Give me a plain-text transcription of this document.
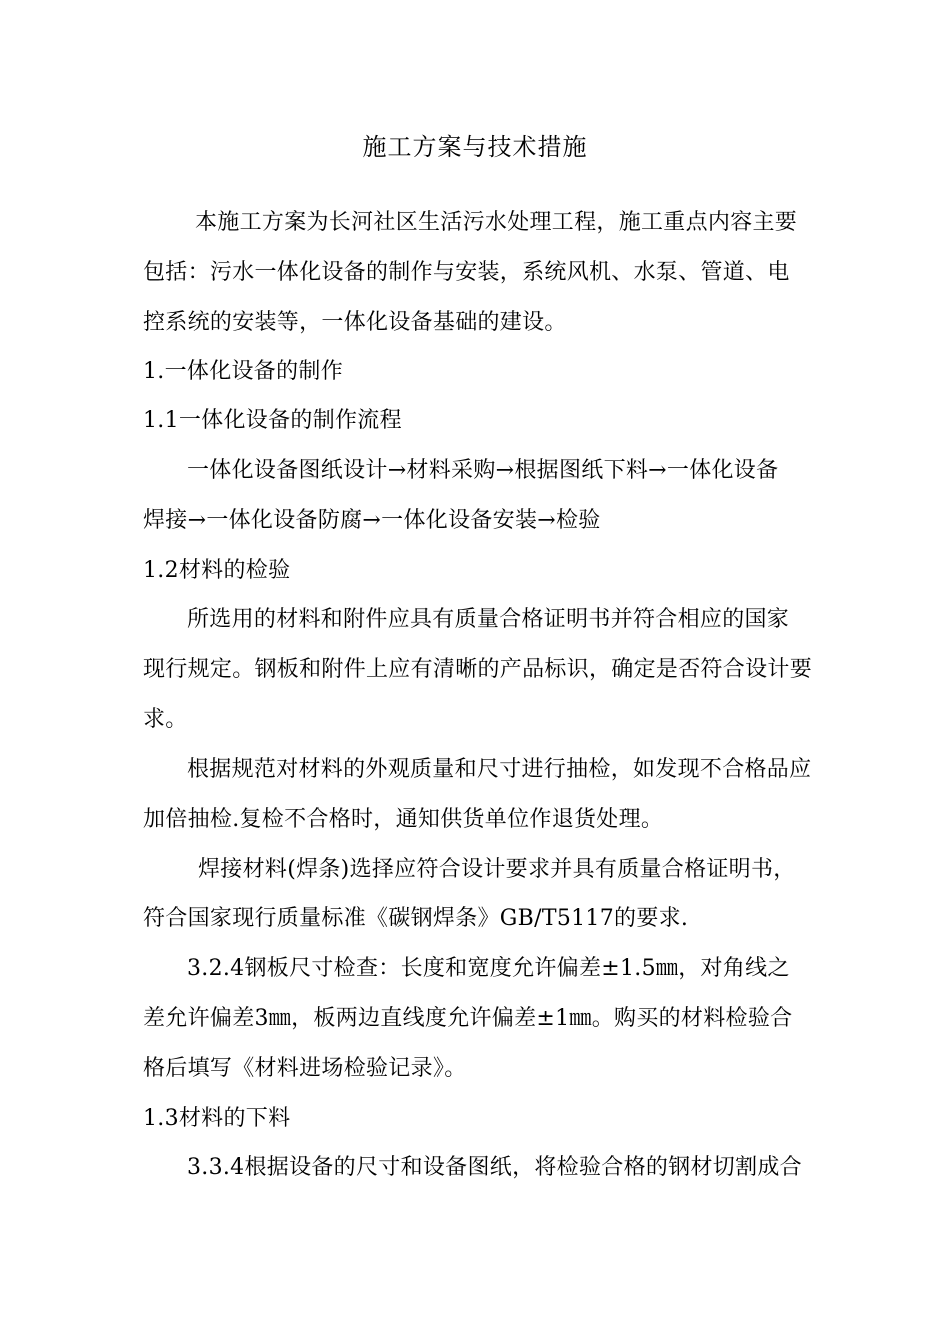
施工方案与技术措施
本施工方案为长河社区生活污水处理工程，施工重点内容主要
包括：污水一体化设备的制作与安装，系统风机、水泵、管道、电
控系统的安装等，一体化设备基础的建设。
1.一体化设备的制作
1.1一体化设备的制作流程
一体化设备图纸设计→材料采购→根据图纸下料→一体化设备
焊接→一体化设备防腐→一体化设备安装→检验
1.2材料的检验
所选用的材料和附件应具有质量合格证明书并符合相应的国家
现行规定。钢板和附件上应有清晰的产品标识，确定是否符合设计要
求。
根据规范对材料的外观质量和尺寸进行抽检，如发现不合格品应
加倍抽检.复检不合格时，通知供货单位作退货处理。
焊接材料(焊条)选择应符合设计要求并具有质量合格证明书，
符合国家现行质量标准《碳钢焊条》GB/T5117的要求.
3.2.4钢板尺寸检查：长度和宽度允许偏差±1.5㎜，对角线之
差允许偏差3㎜，板两边直线度允许偏差±1㎜。购买的材料检验合
格后填写《材料进场检验记录》。
1.3材料的下料
3.3.4根据设备的尺寸和设备图纸，将检验合格的钢材切割成合
